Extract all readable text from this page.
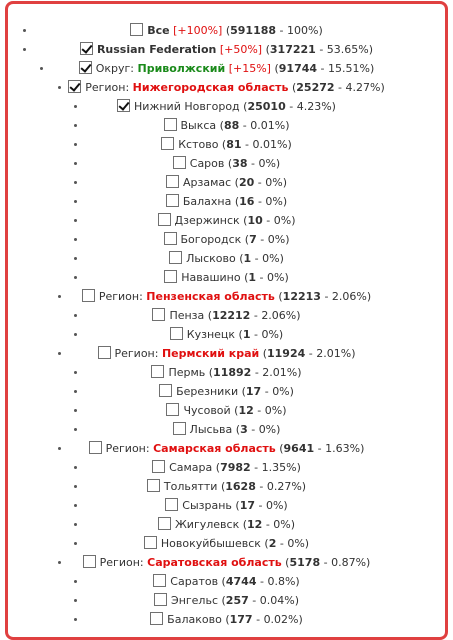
Все [+100%] (591188 - 100%)
Russian Federation [+50%] (317221 - 53.65%)
Округ: Приволжский [+15%] (91744 - 15.51%)
Регион: Нижегородская область (25272 - 4.27%)
Нижний Новгород (25010 - 4.23%)
Выкса (88 - 0.01%)
Кстово (81 - 0.01%)
Саров (38 - 0%)
Арзамас (20 - 0%)
Балахна (16 - 0%)
Дзержинск (10 - 0%)
Богородск (7 - 0%)
Лысково (1 - 0%)
Навашино (1 - 0%)
Регион: Пензенская область (12213 - 2.06%)
Пенза (12212 - 2.06%)
Кузнецк (1 - 0%)
Регион: Пермский край (11924 - 2.01%)
Пермь (11892 - 2.01%)
Березники (17 - 0%)
Чусовой (12 - 0%)
Лысьва (3 - 0%)
Регион: Самарская область (9641 - 1.63%)
Самара (7982 - 1.35%)
Тольятти (1628 - 0.27%)
Сызрань (17 - 0%)
Жигулевск (12 - 0%)
Новокуйбышевск (2 - 0%)
Регион: Саратовская область (5178 - 0.87%)
Саратов (4744 - 0.8%)
Энгельс (257 - 0.04%)
Балаково (177 - 0.02%)
